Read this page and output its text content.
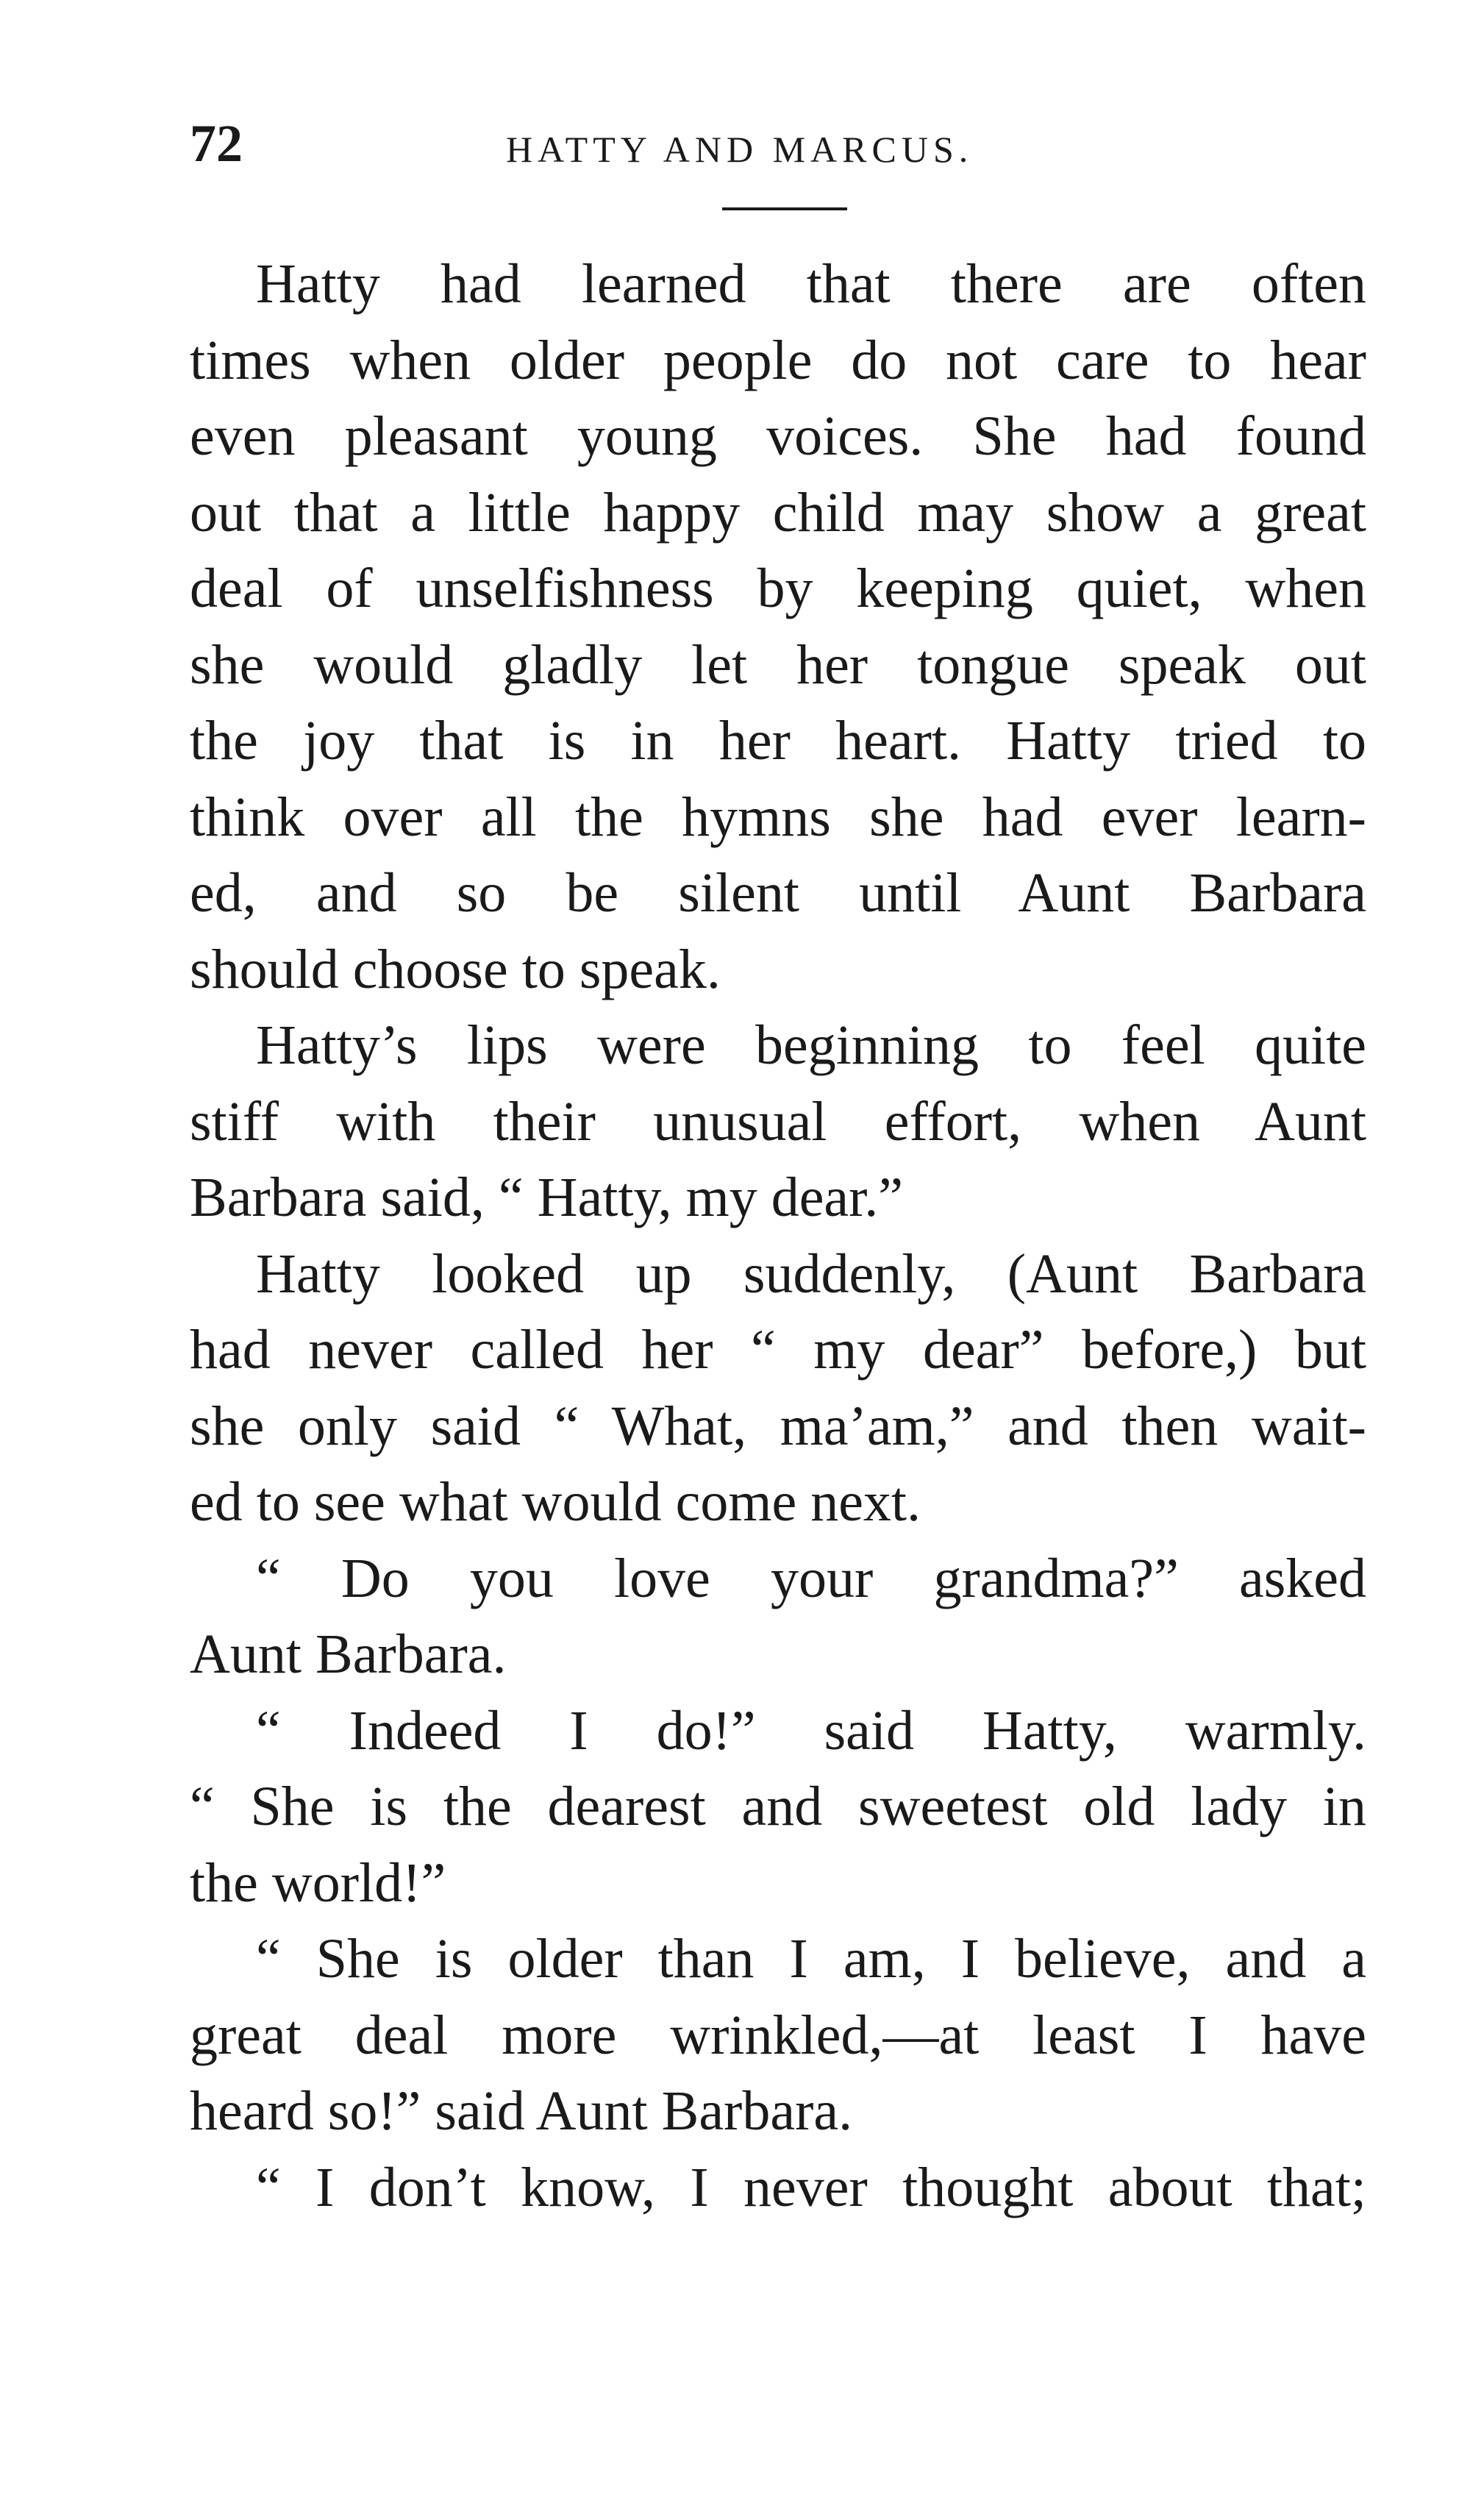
72	HATTY AND MARCUS.

Hatty had learned that there are often
times when older people do not care to hear
even pleasant young voices. She had found
out that a little happy child may show a great
deal of unselfishness by keeping quiet, when
she would gladly let her tongue speak out
the joy that is in her heart. Hatty tried to
think over all the hymns she had ever learn-
ed, and so be silent until Aunt Barbara
should choose to speak.

Hatty’s lips were beginning to feel quite
stiff with their unusual effort, when Aunt
Barbara said, “ Hatty, my dear.”

Hatty looked up suddenly, (Aunt Barbara
had never called her “ my dear” before,) but
she only said “ What, ma’am,” and then wait-
ed to see what would come next.

“ Do you love your grandma?” asked
Aunt Barbara.

“ Indeed I do!” said Hatty, warmly.
“ She is the dearest and sweetest old lady in
the world!”

“ She is older than I am, I believe, and a
great deal more wrinkled,—at least I have
heard so!” said Aunt Barbara.

“ I don’t know, I never thought about that;
